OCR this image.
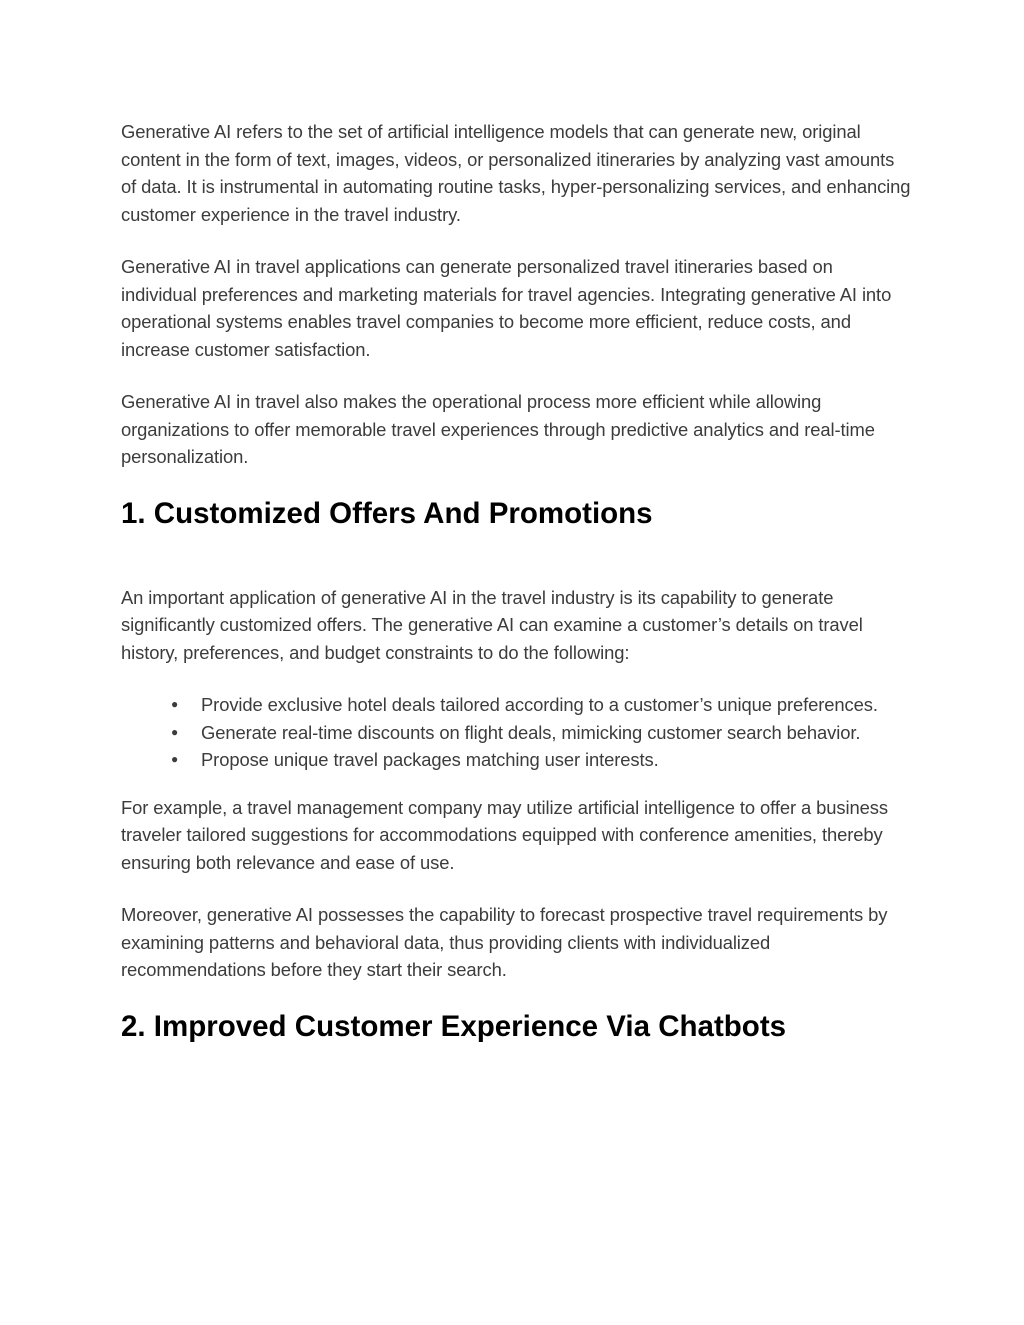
Generative AI refers to the set of artificial intelligence models that can generate new, original content in the form of text, images, videos, or personalized itineraries by analyzing vast amounts of data. It is instrumental in automating routine tasks, hyper-personalizing services, and enhancing customer experience in the travel industry.

Generative AI in travel applications can generate personalized travel itineraries based on individual preferences and marketing materials for travel agencies. Integrating generative AI into operational systems enables travel companies to become more efficient, reduce costs, and increase customer satisfaction.

Generative AI in travel also makes the operational process more efficient while allowing organizations to offer memorable travel experiences through predictive analytics and real-time personalization.

1. Customized Offers And Promotions

An important application of generative AI in the travel industry is its capability to generate significantly customized offers. The generative AI can examine a customer’s details on travel history, preferences, and budget constraints to do the following:

● Provide exclusive hotel deals tailored according to a customer’s unique preferences.
● Generate real-time discounts on flight deals, mimicking customer search behavior.
● Propose unique travel packages matching user interests.

For example, a travel management company may utilize artificial intelligence to offer a business traveler tailored suggestions for accommodations equipped with conference amenities, thereby ensuring both relevance and ease of use.

Moreover, generative AI possesses the capability to forecast prospective travel requirements by examining patterns and behavioral data, thus providing clients with individualized recommendations before they start their search.

2. Improved Customer Experience Via Chatbots
